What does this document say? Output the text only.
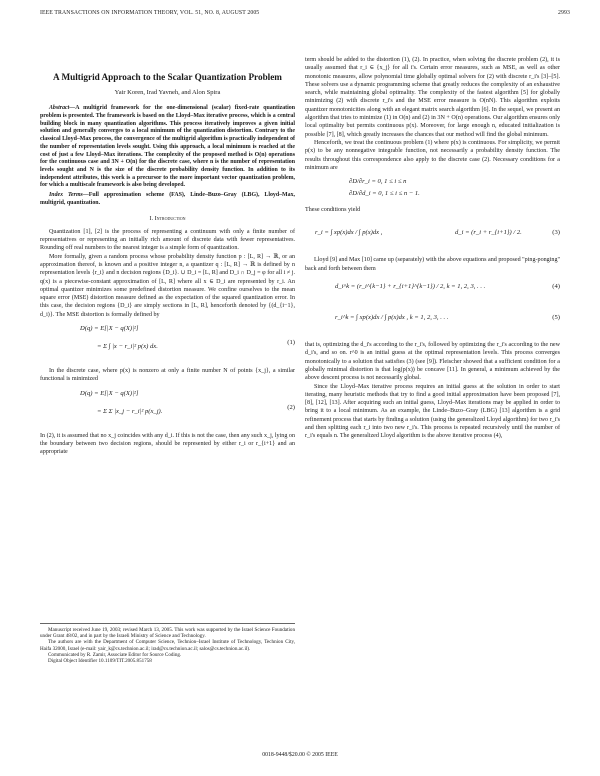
IEEE TRANSACTIONS ON INFORMATION THEORY, VOL. 51, NO. 8, AUGUST 2005	2993
A Multigrid Approach to the Scalar Quantization Problem
Yair Koren, Irad Yavneh, and Alon Spira
Abstract—A multigrid framework for the one-dimensional (scalar) fixed-rate quantization problem is presented. The framework is based on the Lloyd–Max iterative process, which is a central building block in many quantization algorithms. This process iteratively improves a given initial solution and generally converges to a local minimum of the quantization distortion. Contrary to the classical Lloyd–Max process, the convergence of the multigrid algorithm is practically independent of the number of representation levels sought. Using this approach, a local minimum is reached at the cost of just a few Lloyd–Max iterations. The complexity of the proposed method is O(n) operations for the continuous case and 3N + O(n) for the discrete case, where n is the number of representation levels sought and N is the size of the discrete probability density function. In addition to its independent attributes, this work is a precursor to the more important vector quantization problem, for which a multiscale framework is also being developed.
Index Terms—Full approximation scheme (FAS), Linde–Buzo–Gray (LBG), Lloyd–Max, multigrid, quantization.
I. Introduction

Quantization [1], [2] is the process of representing a continuum with only a finite number of representatives or representing an initially rich amount of discrete data with fewer representatives. Rounding off real numbers to the nearest integer is a simple form of quantization.

More formally, given a random process whose probability density function p : [L, R] → ℝ, or an approximation thereof, is known and a positive integer n, a quantizer q : [L, R] → ℝ is defined by n representation levels {r_i} and n decision regions {D_i}. ∪ D_i = [L, R] and D_i ∩ D_j = φ for all i ≠ j. q(x) is a piecewise-constant approximation of [L, R] where all x ∈ D_i are represented by r_i. An optimal quantizer minimizes some predefined distortion measure. We confine ourselves to the mean square error (MSE) distortion measure defined as the expectation of the squared quantization error. In this case, the decision regions {D_i} are simply sections in [L, R], henceforth denoted by {(d_{i−1}, d_i)}. The MSE distortion is formally defined by

D(q) = E[|X − q(X)|²]
= Σ ∫ |x − r_i|² p(x) dx.
(1)

In the discrete case, where p(x) is nonzero at only a finite number N of points {x_j}, a similar functional is minimized

D(q) = E[|X − q(X)|²]
= Σ Σ |x_j − r_i|² p(x_j).
(2)

In (2), it is assumed that no x_j coincides with any d_i. If this is not the case, then any such x_j, lying on the boundary between two decision regions, should be represented by either r_i or r_{i+1} and an appropriate

Manuscript received June 19, 2003; revised March 13, 2005. This work was supported by the Israel Science Foundation under Grant 48/02, and in part by the Israeli Ministry of Science and Technology.

The authors are with the Department of Computer Science, Technion–Israel Institute of Technology, Technion City, Haifa 32000, Israel (e-mail: yair_k@cs.technion.ac.il; irad@cs.technion.ac.il; salos@cs.technion.ac.il).

Communicated by R. Zamir, Associate Editor for Source Coding.

Digital Object Identifier 10.1109/TIT.2005.851758

term should be added to the distortion (1), (2). In practice, when solving the discrete problem (2), it is usually assumed that r_i ∈ {x_j} for all i's. Certain error measures, such as MSE, as well as other monotonic measures, allow polynomial time globally optimal solvers for (2) with discrete r_i's [3]–[5]. These solvers use a dynamic programming scheme that greatly reduces the complexity of an exhaustive search, while maintaining global optimality. The complexity of the fastest algorithm [5] for globally minimizing (2) with discrete r_i's and the MSE error measure is O(nN). This algorithm exploits quantizer monotonicities along with an elegant matrix search algorithm [6]. In the sequel, we present an algorithm that tries to minimize (1) in O(n) and (2) in 3N + O(n) operations. Our algorithm ensures only local optimality but permits continuous p(x). Moreover, for large enough n, educated initialization is possible [7], [8], which greatly increases the chances that our method will find the global minimum.

Henceforth, we treat the continuous problem (1) where p(x) is continuous. For simplicity, we permit p(x) to be any nonnegative integrable function, not necessarily a probability density function. The results throughout this correspondence also apply to the discrete case (2). Necessary conditions for a minimum are

∂D/∂r_i = 0, 1 ≤ i ≤ n
∂D/∂d_i = 0, 1 ≤ i ≤ n − 1.

These conditions yield

r_i = ∫ xp(x)dx / ∫ p(x)dx ,	d_i = (r_i + r_{i+1}) / 2.	(3)

Lloyd [9] and Max [10] came up (separately) with the above equations and proposed "ping-ponging" back and forth between them

d_i^k = (r_i^{k−1} + r_{i+1}^{k−1}) / 2, k = 1, 2, 3, . . .	(4)
r_i^k = ∫ xp(x)dx / ∫ p(x)dx , k = 1, 2, 3, . . .	(5)

that is, optimizing the d_i's according to the r_i's, followed by optimizing the r_i's according to the new d_i's, and so on. r^0 is an initial guess at the optimal representation levels. This process converges monotonically to a solution that satisfies (3) (see [9]). Fleischer showed that a sufficient condition for a globally minimal distortion is that log(p(x)) be concave [11]. In general, a minimum achieved by the above descent process is not necessarily global.

Since the Lloyd–Max iterative process requires an initial guess at the solution in order to start iterating, many heuristic methods that try to find a good initial approximation have been proposed [7], [8], [12], [13]. After acquiring such an initial guess, Lloyd–Max iterations may be applied in order to bring it to a local minimum. As an example, the Linde–Buzo–Gray (LBG) [13] algorithm is a grid refinement process that starts by finding a solution (using the generalized Lloyd algorithm) for two r_i's and then splitting each r_i into two new r_i's. This process is repeated recursively until the number of r_i's equals n. The generalized Lloyd algorithm is the above iterative process (4),

0018-9448/$20.00 © 2005 IEEE
